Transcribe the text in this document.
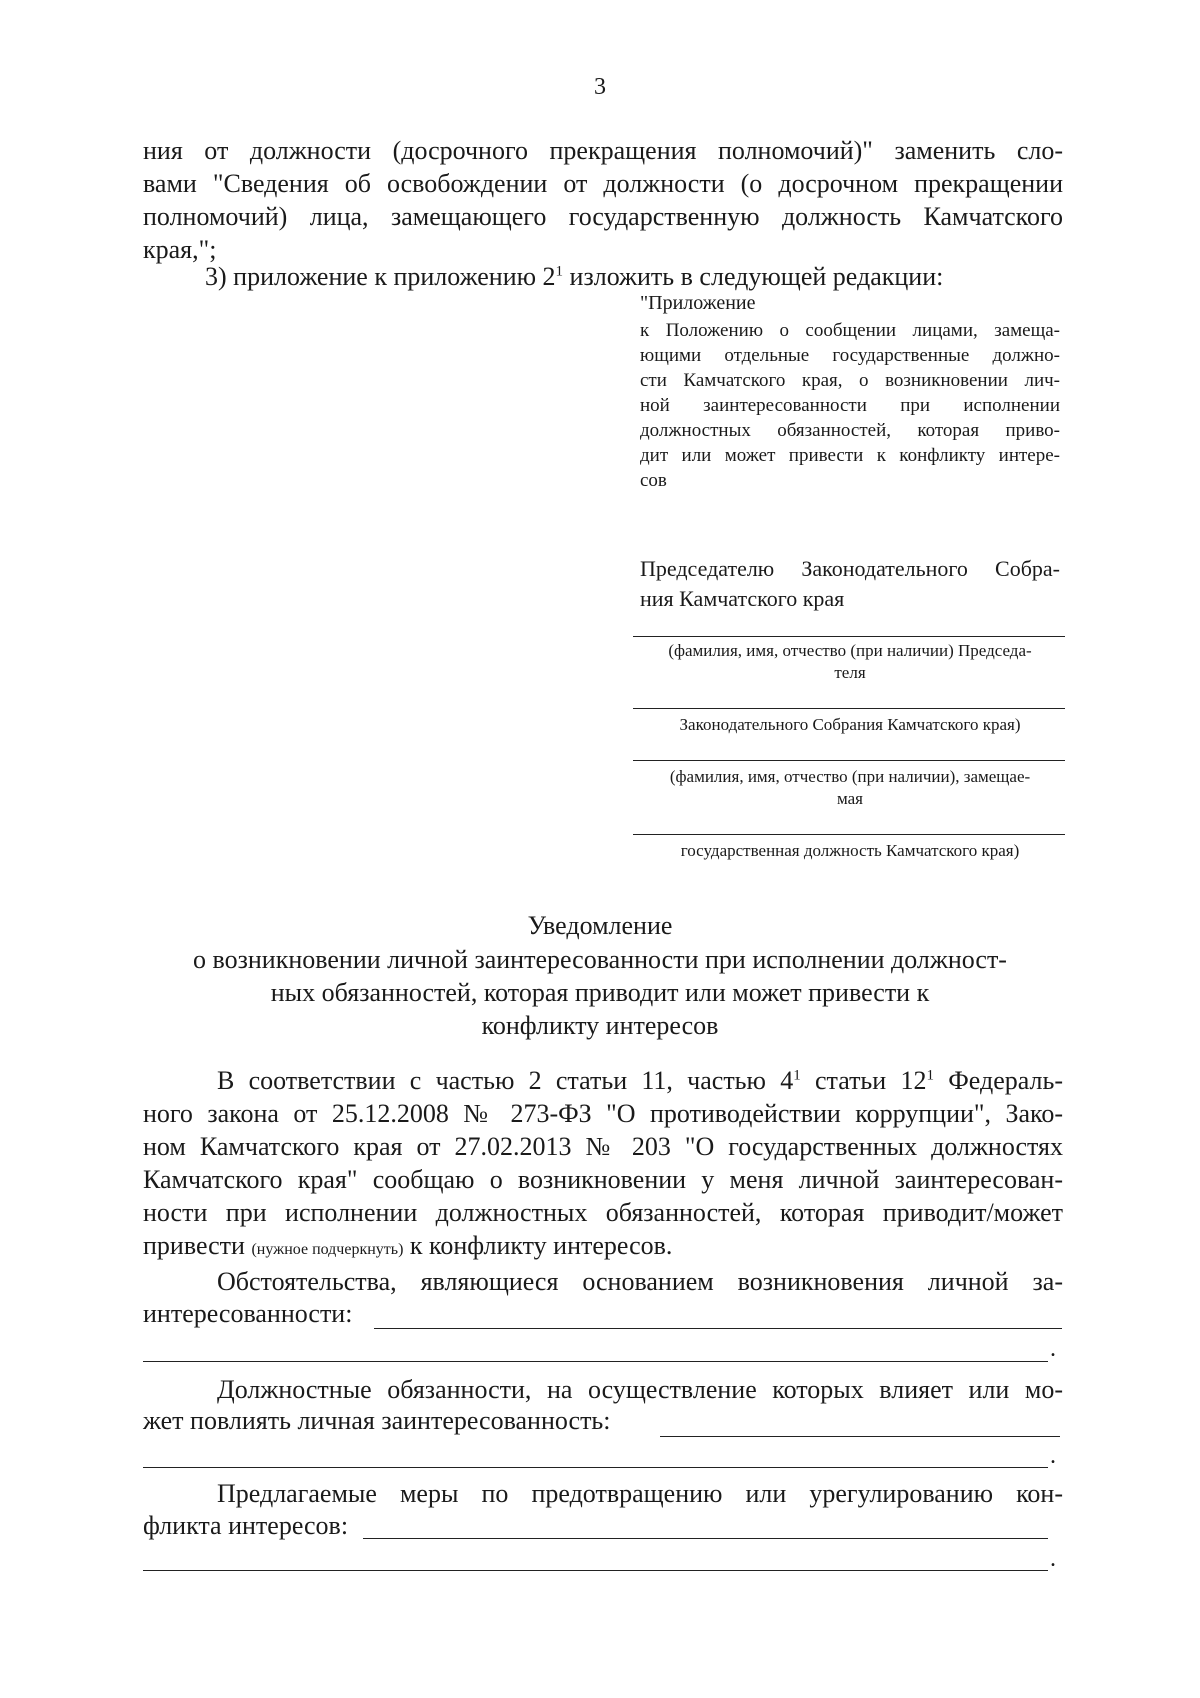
3
ния от должности (досрочного прекращения полномочий)" заменить сло-
вами "Сведения об освобождении от должности (о досрочном прекращении
полномочий) лица, замещающего государственную должность Камчатского
края,";
3) приложение к приложению $2^1$ изложить в следующей редакции:
"Приложение
к Положению о сообщении лицами, замеща-
ющими отдельные государственные должно-
сти Камчатского края, о возникновении лич-
ной заинтересованности при исполнении
должностных обязанностей, которая приво-
дит или может привести к конфликту интере-
сов
Председателю Законодательного Собра-
ния Камчатского края
(фамилия, имя, отчество (при наличии) Председа-
теля
Законодательного Собрания Камчатского края)
(фамилия, имя, отчество (при наличии), замещае-
мая
государственная должность Камчатского края)
Уведомление
о возникновении личной заинтересованности при исполнении должност-
ных обязанностей, которая приводит или может привести к
конфликту интересов
В соответствии с частью 2 статьи 11, частью $4^1$ статьи $12^1$ Федераль-
ного закона от 25.12.2008 № 273-ФЗ "О противодействии коррупции", Зако-
ном Камчатского края от 27.02.2013 № 203 "О государственных должностях
Камчатского края" сообщаю о возникновении у меня личной заинтересован-
ности при исполнении должностных обязанностей, которая приводит/может
привести (нужное подчеркнуть) к конфликту интересов.
Обстоятельства, являющиеся основанием возникновения личной за-
интересованности:
.
Должностные обязанности, на осуществление которых влияет или мо-
жет повлиять личная заинтересованность:
.
Предлагаемые меры по предотвращению или урегулированию кон-
фликта интересов:
.
